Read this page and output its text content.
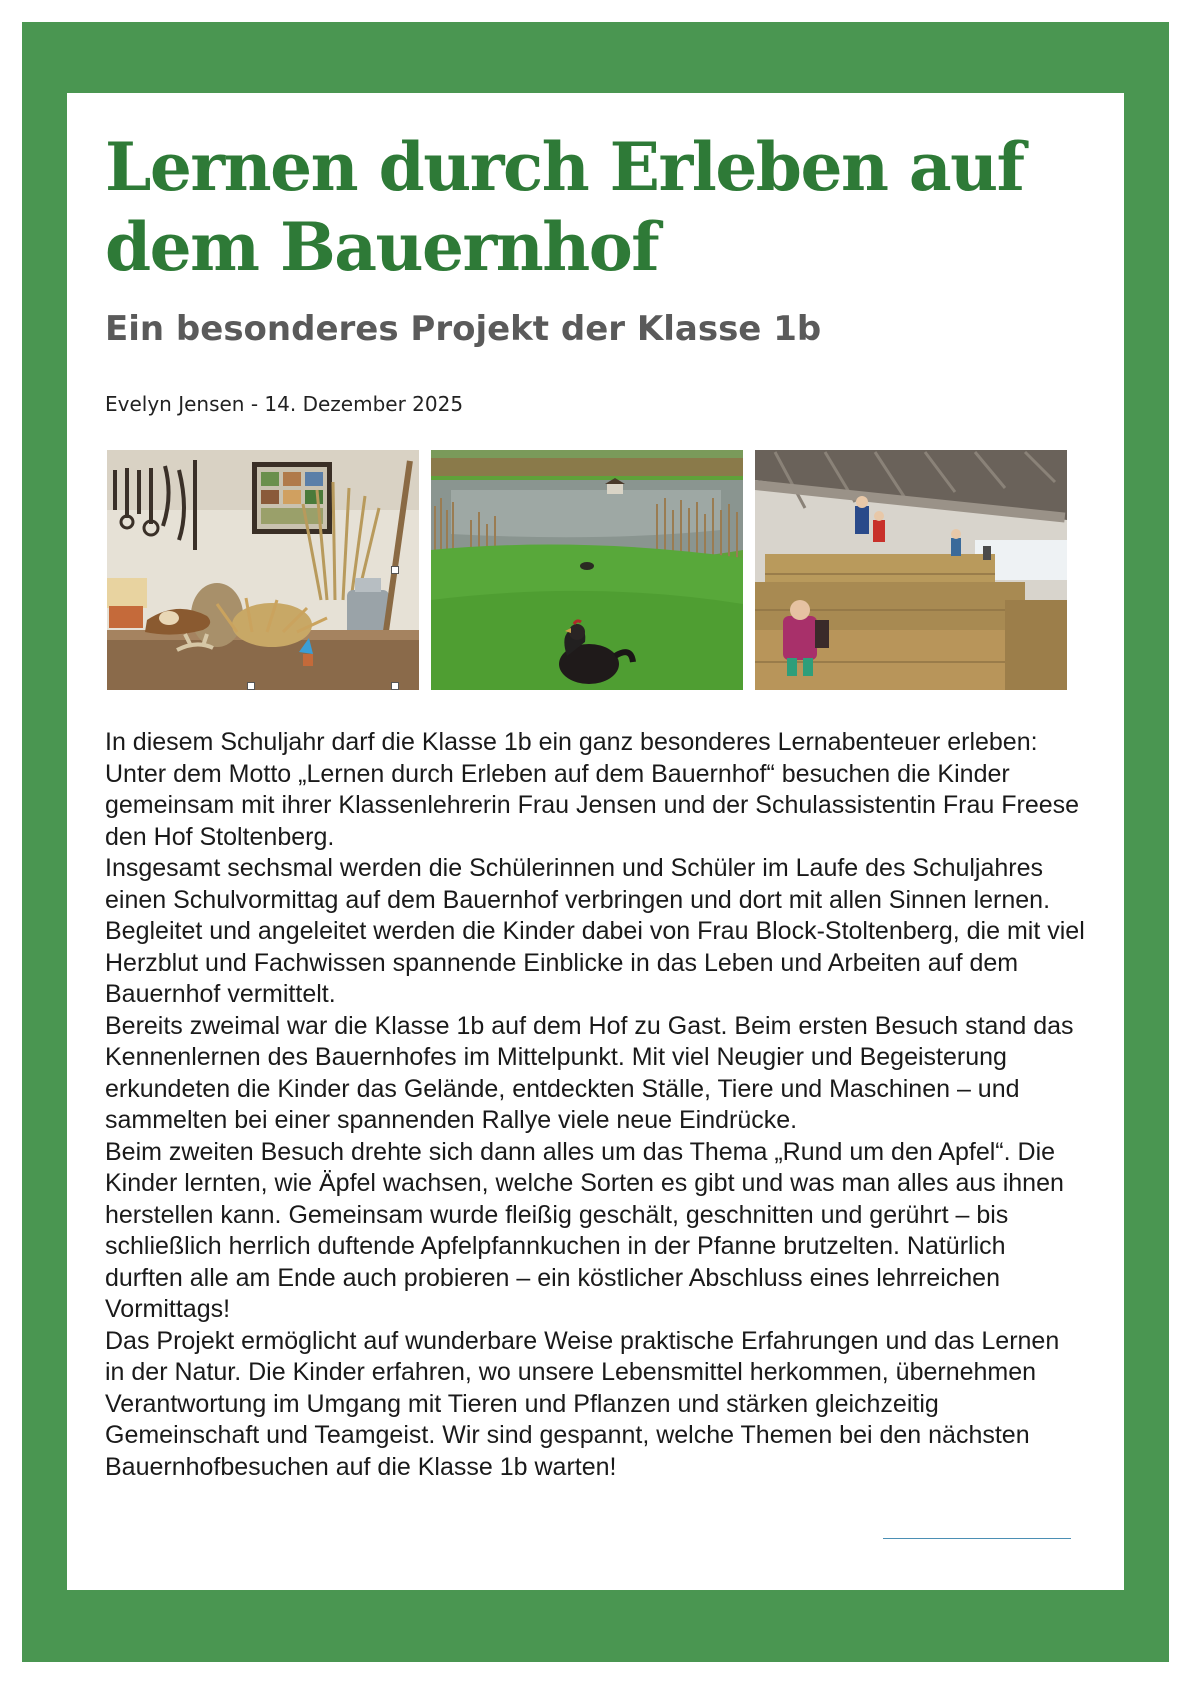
Lernen durch Erleben auf dem Bauernhof
Ein besonderes Projekt der Klasse 1b
Evelyn Jensen - 14. Dezember 2025

In diesem Schuljahr darf die Klasse 1b ein ganz besonderes Lernabenteuer erleben:

Unter dem Motto „Lernen durch Erleben auf dem Bauernhof“ besuchen die Kinder gemeinsam mit ihrer Klassenlehrerin Frau Jensen und der Schulassistentin Frau Freese den Hof Stoltenberg.

Insgesamt sechsmal werden die Schülerinnen und Schüler im Laufe des Schuljahres einen Schulvormittag auf dem Bauernhof verbringen und dort mit allen Sinnen lernen. Begleitet und angeleitet werden die Kinder dabei von Frau Block-Stoltenberg, die mit viel Herzblut und Fachwissen spannende Einblicke in das Leben und Arbeiten auf dem Bauernhof vermittelt.

Bereits zweimal war die Klasse 1b auf dem Hof zu Gast. Beim ersten Besuch stand das Kennenlernen des Bauernhofes im Mittelpunkt. Mit viel Neugier und Begeisterung erkundeten die Kinder das Gelände, entdeckten Ställe, Tiere und Maschinen – und sammelten bei einer spannenden Rallye viele neue Eindrücke.

Beim zweiten Besuch drehte sich dann alles um das Thema „Rund um den Apfel“. Die Kinder lernten, wie Äpfel wachsen, welche Sorten es gibt und was man alles aus ihnen herstellen kann. Gemeinsam wurde fleißig geschält, geschnitten und gerührt – bis schließlich herrlich duftende Apfelpfannkuchen in der Pfanne brutzelten. Natürlich durften alle am Ende auch probieren – ein köstlicher Abschluss eines lehrreichen Vormittags!

Das Projekt ermöglicht auf wunderbare Weise praktische Erfahrungen und das Lernen in der Natur. Die Kinder erfahren, wo unsere Lebensmittel herkommen, übernehmen Verantwortung im Umgang mit Tieren und Pflanzen und stärken gleichzeitig Gemeinschaft und Teamgeist. Wir sind gespannt, welche Themen bei den nächsten Bauernhofbesuchen auf die Klasse 1b warten!
